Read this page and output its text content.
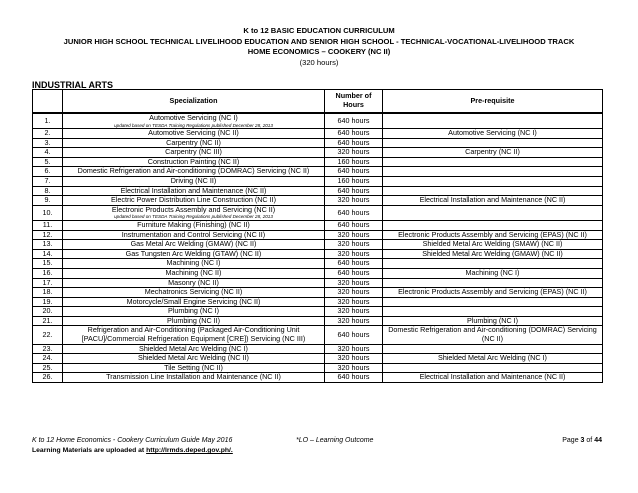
K to 12 BASIC EDUCATION CURRICULUM
JUNIOR HIGH SCHOOL TECHNICAL LIVELIHOOD EDUCATION AND SENIOR HIGH SCHOOL - TECHNICAL-VOCATIONAL-LIVELIHOOD TRACK
HOME ECONOMICS – COOKERY (NC II)
(320 hours)
INDUSTRIAL ARTS
	Specialization	Number of Hours	Pre-requisite
1.	Automotive Servicing (NC I)
updated based on TESDA Training Regulations published December 28, 2013	640 hours	
2.	Automotive Servicing (NC II)	640 hours	Automotive Servicing (NC I)
3.	Carpentry (NC II)	640 hours	
4.	Carpentry (NC III)	320 hours	Carpentry (NC II)
5.	Construction Painting (NC II)	160 hours	
6.	Domestic Refrigeration and Air-conditioning (DOMRAC) Servicing (NC II)	640 hours	
7.	Driving (NC II)	160 hours	
8.	Electrical Installation and Maintenance (NC II)	640 hours	
9.	Electric Power Distribution Line Construction (NC II)	320 hours	Electrical Installation and Maintenance (NC II)
10.	Electronic Products Assembly and Servicing (NC II)
updated based on TESDA Training Regulations published December 28, 2013	640 hours	
11.	Furniture Making (Finishing) (NC II)	640 hours	
12.	Instrumentation and Control Servicing (NC II)	320 hours	Electronic Products Assembly and Servicing (EPAS) (NC II)
13.	Gas Metal Arc Welding (GMAW) (NC II)	320 hours	Shielded Metal Arc Welding (SMAW) (NC II)
14.	Gas Tungsten Arc Welding (GTAW) (NC II)	320 hours	Shielded Metal Arc Welding (GMAW) (NC II)
15.	Machining (NC I)	640 hours	
16.	Machining (NC II)	640 hours	Machining (NC I)
17.	Masonry (NC II)	320 hours	
18.	Mechatronics Servicing (NC II)	320 hours	Electronic Products Assembly and Servicing (EPAS) (NC II)
19.	Motorcycle/Small Engine Servicing (NC II)	320 hours	
20.	Plumbing (NC I)	320 hours	
21.	Plumbing (NC II)	320 hours	Plumbing (NC I)
22.	Refrigeration and Air-Conditioning (Packaged Air-Conditioning Unit [PACU]/Commercial Refrigeration Equipment [CRE]) Servicing (NC III)	640 hours	Domestic Refrigeration and Air-conditioning (DOMRAC) Servicing (NC II)
23.	Shielded Metal Arc Welding (NC I)	320 hours	
24.	Shielded Metal Arc Welding (NC II)	320 hours	Shielded Metal Arc Welding (NC I)
25.	Tile Setting (NC II)	320 hours	
26.	Transmission Line Installation and Maintenance (NC II)	640 hours	Electrical Installation and Maintenance (NC II)
K to 12 Home Economics - Cookery Curriculum Guide May 2016	*LO – Learning Outcome	Page 3 of 44
Learning Materials are uploaded at http://lrmds.deped.gov.ph/.
